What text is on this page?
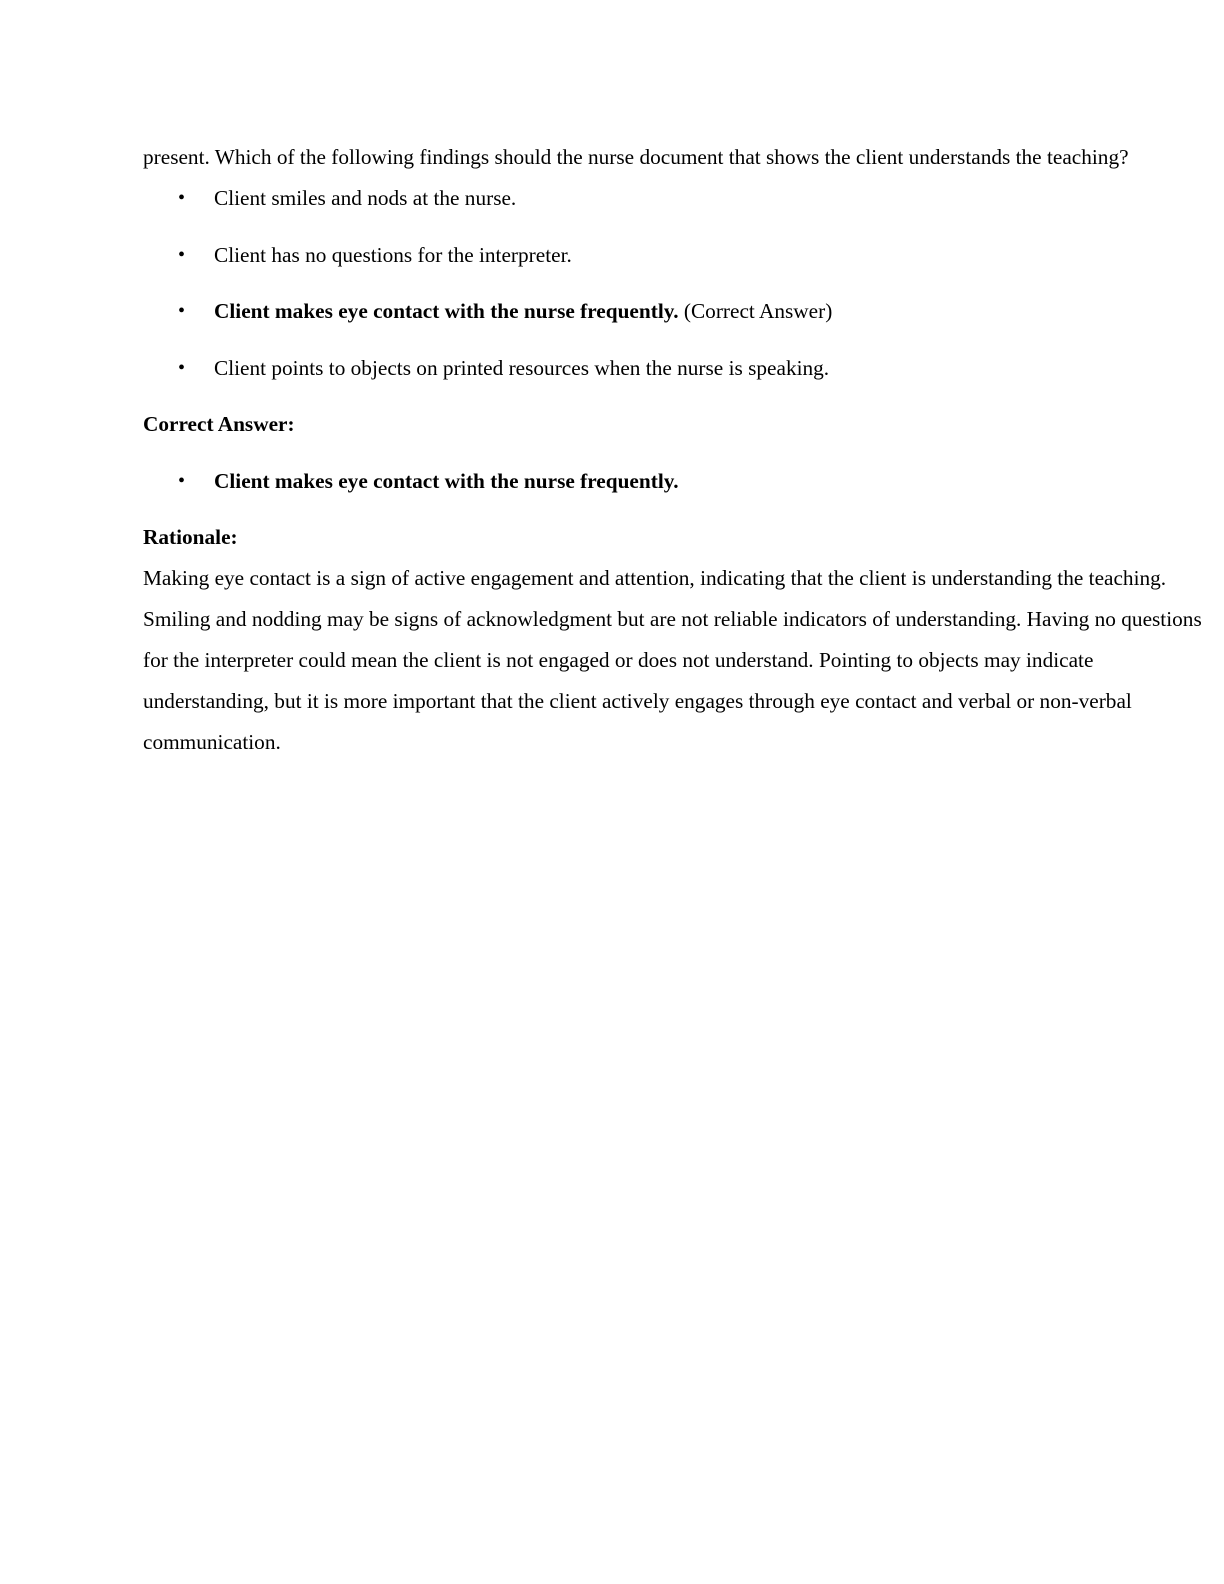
present. Which of the following findings should the nurse document that shows the client understands the teaching?

• Client smiles and nods at the nurse.
• Client has no questions for the interpreter.
• Client makes eye contact with the nurse frequently. (Correct Answer)
• Client points to objects on printed resources when the nurse is speaking.

Correct Answer:

• Client makes eye contact with the nurse frequently.

Rationale:

Making eye contact is a sign of active engagement and attention, indicating that the client is understanding the teaching. Smiling and nodding may be signs of acknowledgment but are not reliable indicators of understanding. Having no questions for the interpreter could mean the client is not engaged or does not understand. Pointing to objects may indicate understanding, but it is more important that the client actively engages through eye contact and verbal or non-verbal communication.
